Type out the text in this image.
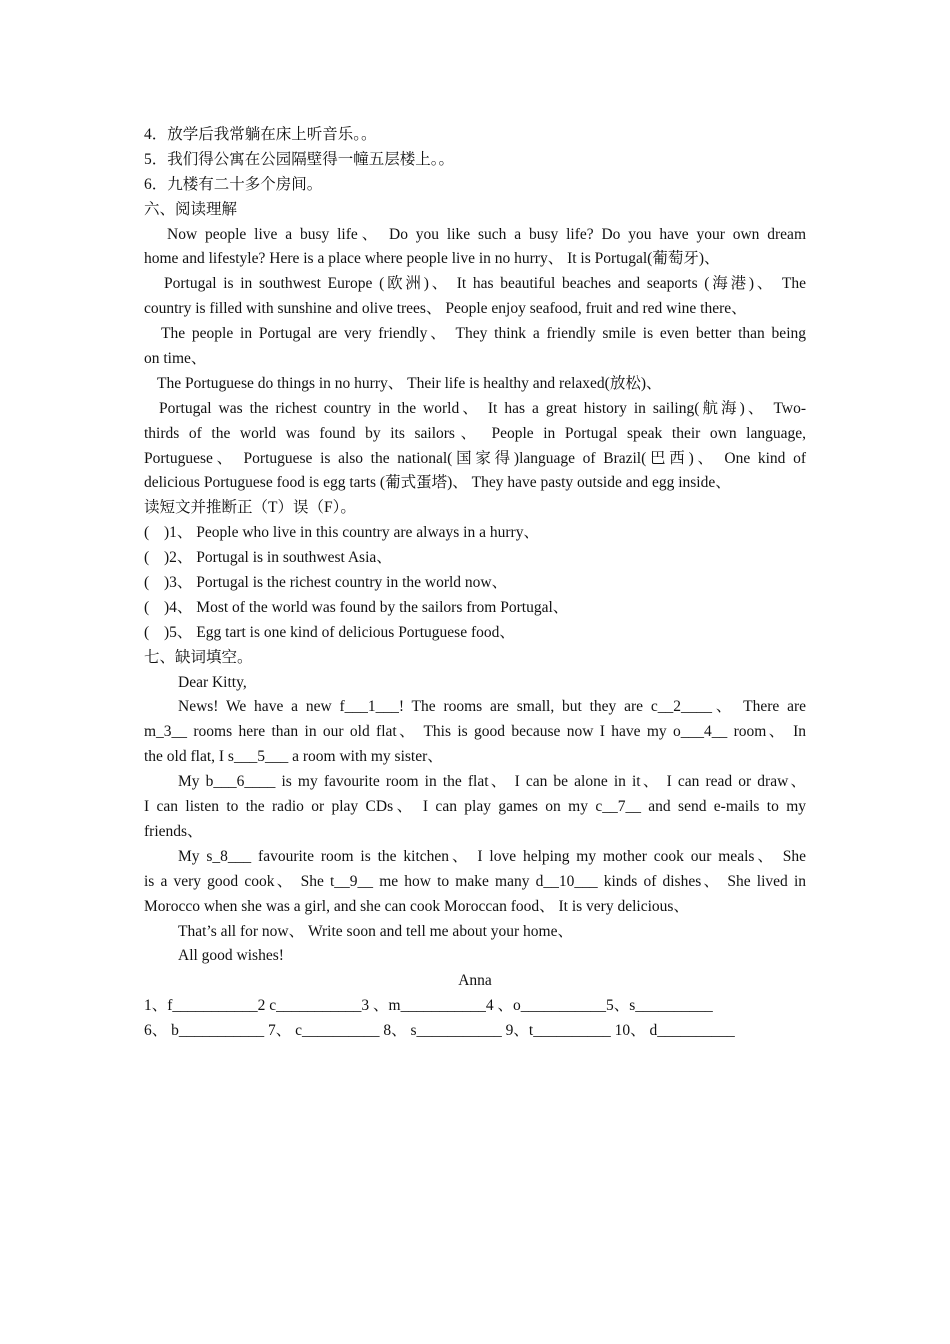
4．放学后我常躺在床上听音乐。。
5．我们得公寓在公园隔壁得一幢五层楼上。。
6．九楼有二十多个房间。
六、阅读理解
Now people live a busy life、 Do you like such a busy life? Do you have your own dream
home and lifestyle? Here is a place where people live in no hurry、 It is Portugal(葡萄牙)、
Portugal is in southwest Europe (欧洲)、 It has beautiful beaches and seaports (海港)、 The
country is filled with sunshine and olive trees、 People enjoy seafood, fruit and red wine there、
The people in Portugal are very friendly、 They think a friendly smile is even better than being
on time、
The Portuguese do things in no hurry、 Their life is healthy and relaxed(放松)、
Portugal was the richest country in the world、 It has a great history in sailing(航海)、 Two-
thirds of the world was found by its sailors、 People in Portugal speak their own language,
Portuguese、 Portuguese is also the national(国家得)language of Brazil(巴西)、 One kind of
delicious Portuguese food is egg tarts (葡式蛋塔)、 They have pasty outside and egg inside、
读短文并推断正（T）误（F）。
( )1、 People who live in this country are always in a hurry、
( )2、 Portugal is in southwest Asia、
( )3、 Portugal is the richest country in the world now、
( )4、 Most of the world was found by the sailors from Portugal、
( )5、 Egg tart is one kind of delicious Portuguese food、
七、缺词填空。
Dear Kitty,
News! We have a new f___1___! The rooms are small, but they are c__2____、 There are
m_3__ rooms here than in our old flat、 This is good because now I have my o___4__ room、 In
the old flat, I s___5___ a room with my sister、
My b___6____ is my favourite room in the flat、 I can be alone in it、 I can read or draw、
I can listen to the radio or play CDs、 I can play games on my c__7__ and send e-mails to my
friends、
My s_8___ favourite room is the kitchen、 I love helping my mother cook our meals、 She
is a very good cook、 She t__9__ me how to make many d__10___ kinds of dishes、 She lived in
Morocco when she was a girl, and she can cook Moroccan food、 It is very delicious、
That’s all for now、 Write soon and tell me about your home、
All good wishes!
Anna
1、f___________2 c___________3 、m___________4 、o___________5、s__________
6、 b___________ 7、 c__________ 8、 s___________ 9、t__________ 10、 d__________
